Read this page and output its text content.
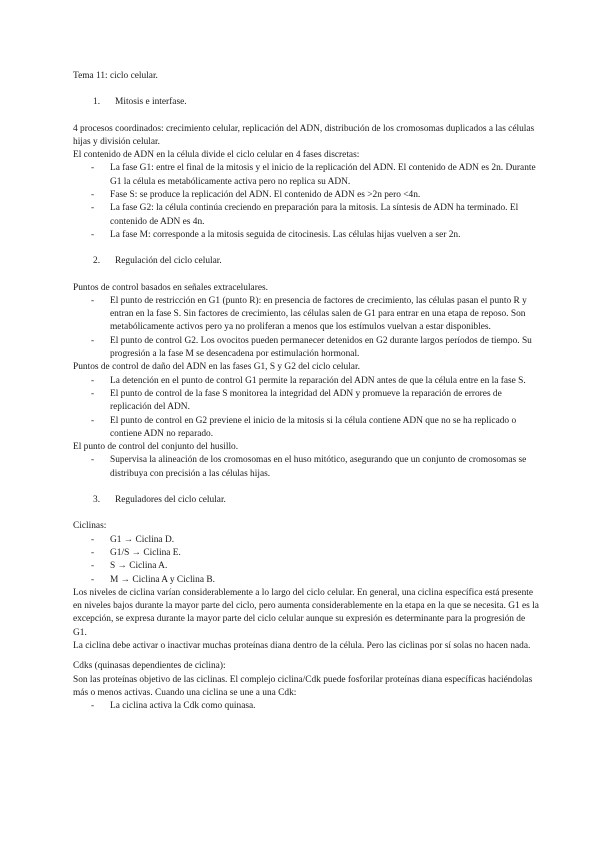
Tema 11: ciclo celular.

1.	Mitosis e interfase.

4 procesos coordinados: crecimiento celular, replicación del ADN, distribución de los cromosomas duplicados a las células hijas y división celular.

El contenido de ADN en la célula divide el ciclo celular en 4 fases discretas:

-	La fase G1: entre el final de la mitosis y el inicio de la replicación del ADN. El contenido de ADN es 2n. Durante G1 la célula es metabólicamente activa pero no replica su ADN.
-	Fase S: se produce la replicación del ADN. El contenido de ADN es >2n pero <4n.
-	La fase G2: la célula continúa creciendo en preparación para la mitosis. La síntesis de ADN ha terminado. El contenido de ADN es 4n.
-	La fase M: corresponde a la mitosis seguida de citocinesis. Las células hijas vuelven a ser 2n.
2.	Regulación del ciclo celular.

Puntos de control basados en señales extracelulares.

-	El punto de restricción en G1 (punto R): en presencia de factores de crecimiento, las células pasan el punto R y entran en la fase S. Sin factores de crecimiento, las células salen de G1 para entrar en una etapa de reposo. Son metabólicamente activos pero ya no proliferan a menos que los estímulos vuelvan a estar disponibles.
-	El punto de control G2. Los ovocitos pueden permanecer detenidos en G2 durante largos períodos de tiempo. Su progresión a la fase M se desencadena por estimulación hormonal.

Puntos de control de daño del ADN en las fases G1, S y G2 del ciclo celular.

-	La detención en el punto de control G1 permite la reparación del ADN antes de que la célula entre en la fase S.
-	El punto de control de la fase S monitorea la integridad del ADN y promueve la reparación de errores de replicación del ADN.
-	El punto de control en G2 previene el inicio de la mitosis si la célula contiene ADN que no se ha replicado o contiene ADN no reparado.

El punto de control del conjunto del husillo.

-	Supervisa la alineación de los cromosomas en el huso mitótico, asegurando que un conjunto de cromosomas se distribuya con precisión a las células hijas.
3.	Reguladores del ciclo celular.

Ciclinas:

-	G1 → Ciclina D.
-	G1/S → Ciclina E.
-	S → Ciclina A.
-	M → Ciclina A y Ciclina B.

Los niveles de ciclina varían considerablemente a lo largo del ciclo celular. En general, una ciclina específica está presente en niveles bajos durante la mayor parte del ciclo, pero aumenta considerablemente en la etapa en la que se necesita. G1 es la excepción, se expresa durante la mayor parte del ciclo celular aunque su expresión es determinante para la progresión de G1.

La ciclina debe activar o inactivar muchas proteínas diana dentro de la célula. Pero las ciclinas por sí solas no hacen nada.

Cdks (quinasas dependientes de ciclina):

Son las proteínas objetivo de las ciclinas. El complejo ciclina/Cdk puede fosforilar proteínas diana específicas haciéndolas más o menos activas. Cuando una ciclina se une a una Cdk:

-	La ciclina activa la Cdk como quinasa.
